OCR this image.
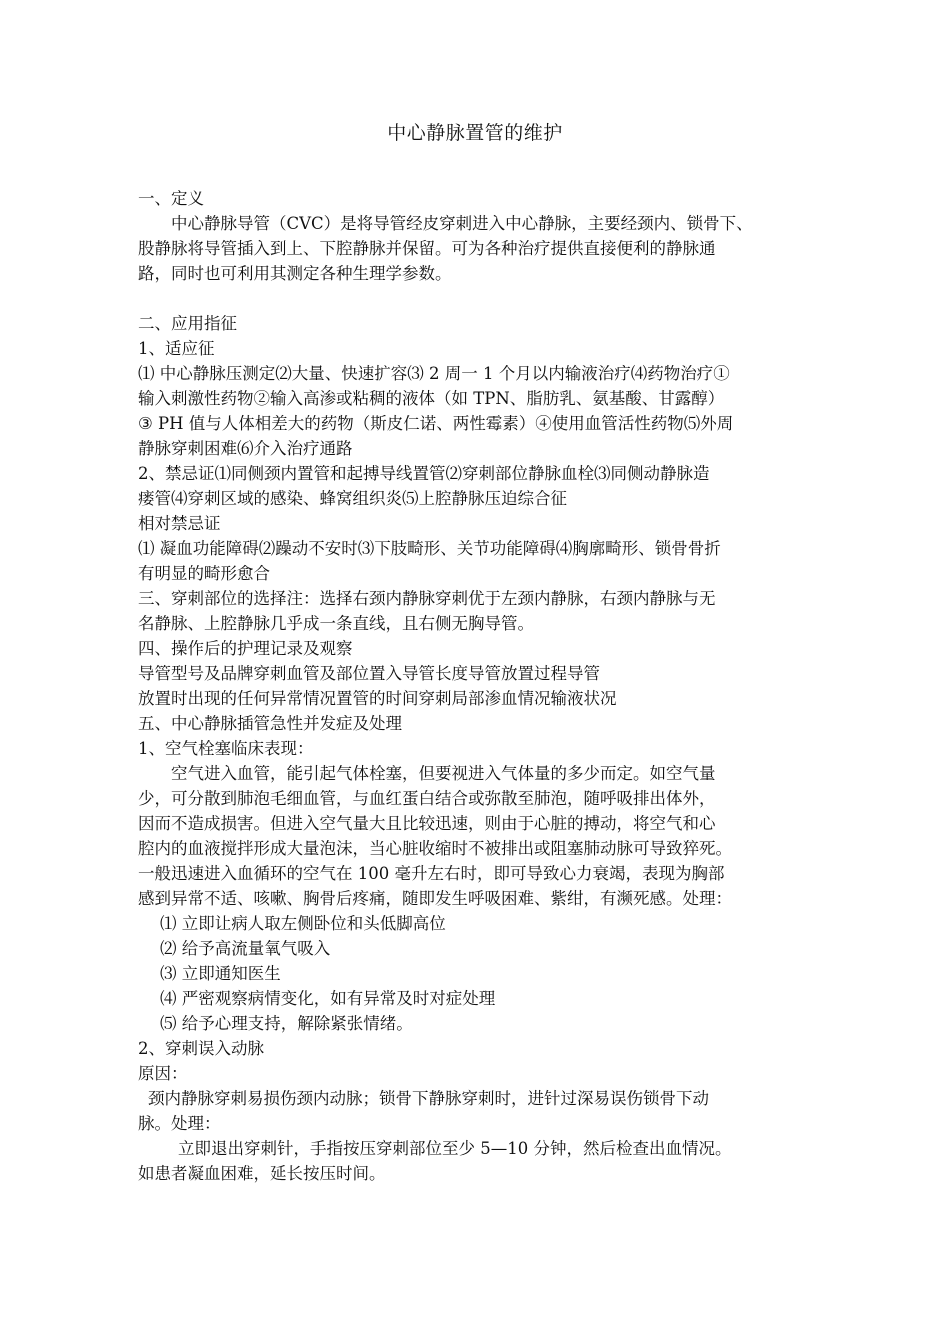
中心静脉置管的维护

一、定义

中心静脉导管（CVC）是将导管经皮穿刺进入中心静脉，主要经颈内、锁骨下、

股静脉将导管插入到上、下腔静脉并保留。可为各种治疗提供直接便利的静脉通

路，同时也可利用其测定各种生理学参数。

二、应用指征

1、适应征

⑴ 中心静脉压测定⑵大量、快速扩容⑶ 2 周一 1 个月以内输液治疗⑷药物治疗①

输入刺激性药物②输入高渗或粘稠的液体（如 TPN、脂肪乳、氨基酸、甘露醇）

③ PH 值与人体相差大的药物（斯皮仁诺、两性霉素）④使用血管活性药物⑸外周

静脉穿刺困难⑹介入治疗通路

2、禁忌证⑴同侧颈内置管和起搏导线置管⑵穿刺部位静脉血栓⑶同侧动静脉造

瘘管⑷穿刺区域的感染、蜂窝组织炎⑸上腔静脉压迫综合征

相对禁忌证

⑴ 凝血功能障碍⑵躁动不安时⑶下肢畸形、关节功能障碍⑷胸廓畸形、锁骨骨折

有明显的畸形愈合

三、穿刺部位的选择注：选择右颈内静脉穿刺优于左颈内静脉，右颈内静脉与无

名静脉、上腔静脉几乎成一条直线，且右侧无胸导管。

四、操作后的护理记录及观察

导管型号及品牌穿刺血管及部位置入导管长度导管放置过程导管

放置时出现的任何异常情况置管的时间穿刺局部渗血情况输液状况

五、中心静脉插管急性并发症及处理

1、空气栓塞临床表现：

空气进入血管，能引起气体栓塞，但要视进入气体量的多少而定。如空气量

少，可分散到肺泡毛细血管，与血红蛋白结合或弥散至肺泡，随呼吸排出体外，

因而不造成损害。但进入空气量大且比较迅速，则由于心脏的搏动，将空气和心

腔内的血液搅拌形成大量泡沫，当心脏收缩时不被排出或阻塞肺动脉可导致猝死。

一般迅速进入血循环的空气在 100 毫升左右时，即可导致心力衰竭，表现为胸部

感到异常不适、咳嗽、胸骨后疼痛，随即发生呼吸困难、紫绀，有濒死感。处理：

⑴ 立即让病人取左侧卧位和头低脚高位

⑵ 给予高流量氧气吸入

⑶ 立即通知医生

⑷ 严密观察病情变化，如有异常及时对症处理

⑸ 给予心理支持，解除紧张情绪。

2、穿刺误入动脉

原因：

颈内静脉穿刺易损伤颈内动脉；锁骨下静脉穿刺时，进针过深易误伤锁骨下动

脉。处理：

立即退出穿刺针，手指按压穿刺部位至少 5—10 分钟，然后检查出血情况。

如患者凝血困难，延长按压时间。
